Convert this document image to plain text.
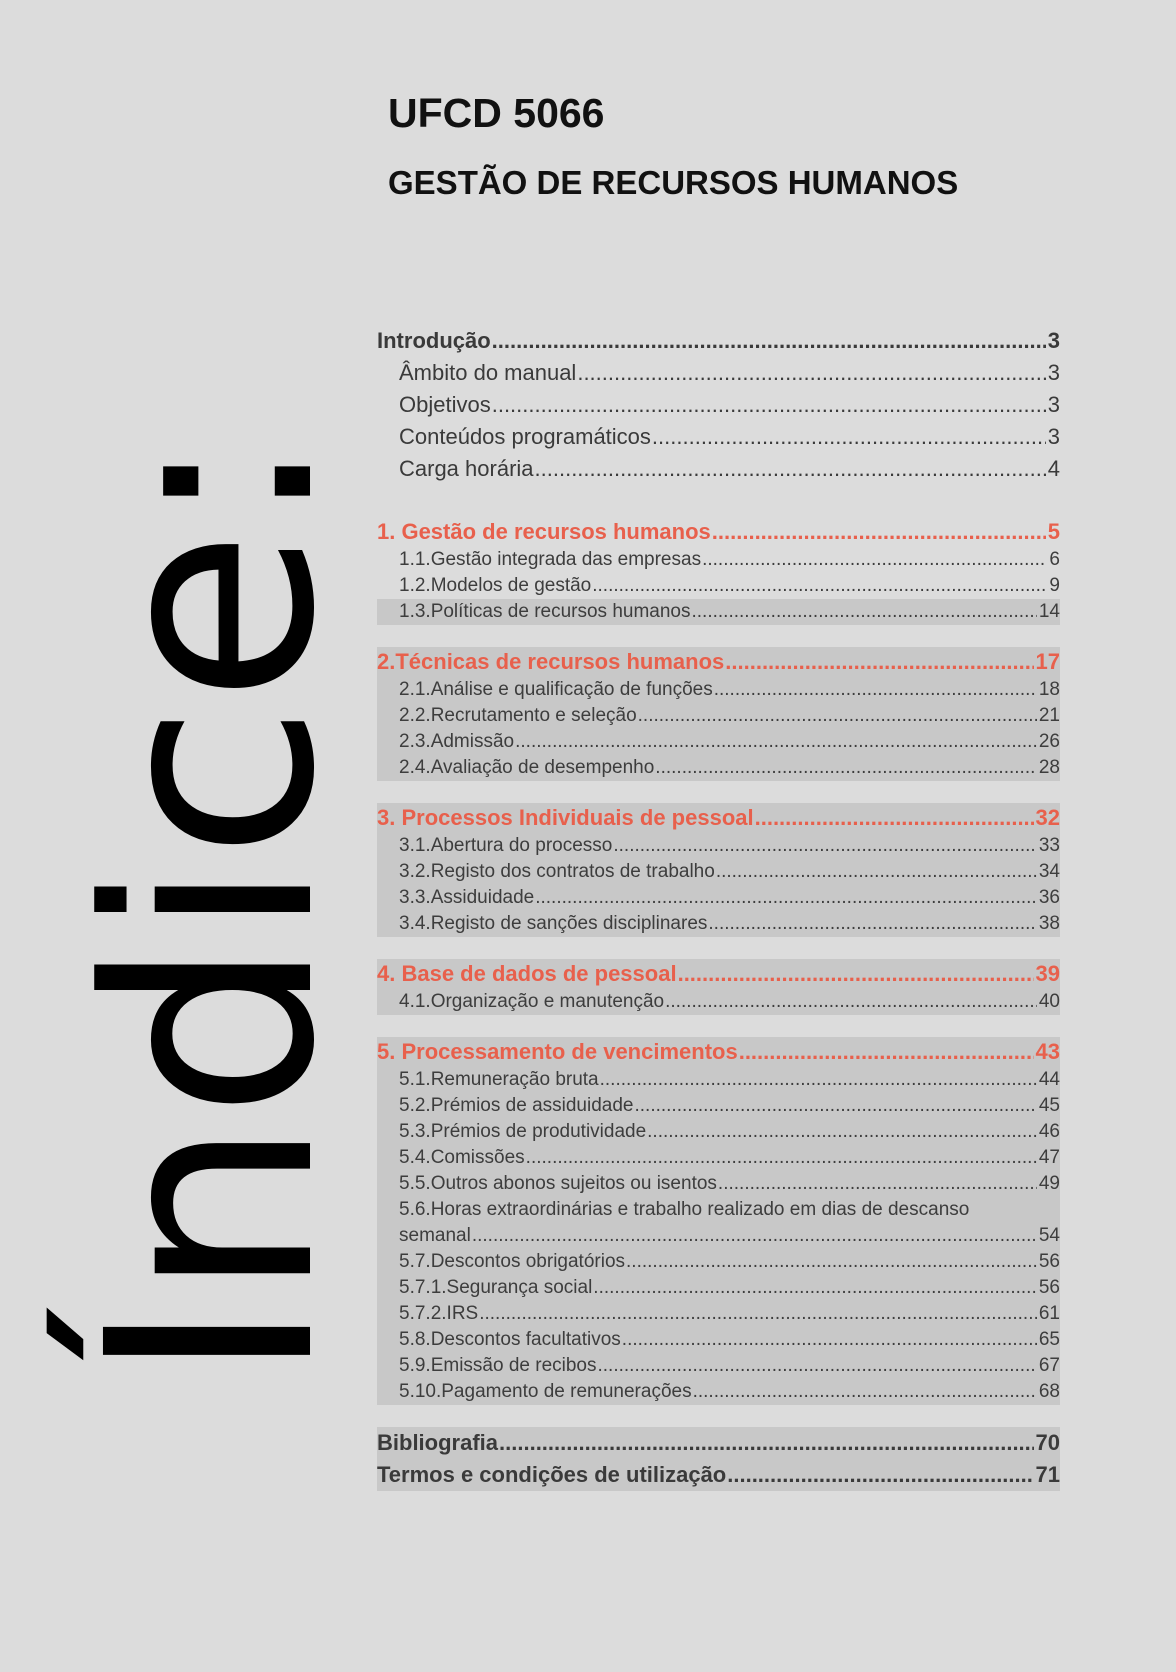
Índice:
UFCD 5066
GESTÃO DE RECURSOS HUMANOS
Introdução .....	3
Âmbito do manual .....	3
Objetivos .....	3
Conteúdos programáticos .....	3
Carga horária .....	4
1. Gestão de recursos humanos .....	5
1.1.Gestão integrada das empresas .....	6
1.2.Modelos de gestão .....	9
1.3.Políticas de recursos humanos .....	14
2.Técnicas de recursos humanos .....	17
2.1.Análise e qualificação de funções .....	18
2.2.Recrutamento e seleção .....	21
2.3.Admissão .....	26
2.4.Avaliação de desempenho .....	28
3. Processos Individuais de pessoal .....	32
3.1.Abertura do processo .....	33
3.2.Registo dos contratos de trabalho .....	34
3.3.Assiduidade .....	36
3.4.Registo de sanções disciplinares .....	38
4. Base de dados de pessoal .....	39
4.1.Organização e manutenção .....	40
5. Processamento de vencimentos .....	43
5.1.Remuneração bruta .....	44
5.2.Prémios de assiduidade .....	45
5.3.Prémios de produtividade .....	46
5.4.Comissões .....	47
5.5.Outros abonos sujeitos ou isentos .....	49
5.6.Horas extraordinárias e trabalho realizado em dias de descanso
semanal .....	54
5.7.Descontos obrigatórios .....	56
5.7.1.Segurança social .....	56
5.7.2.IRS .....	61
5.8.Descontos facultativos .....	65
5.9.Emissão de recibos .....	67
5.10.Pagamento de remunerações .....	68
Bibliografia .....	70
Termos e condições de utilização .....	71
